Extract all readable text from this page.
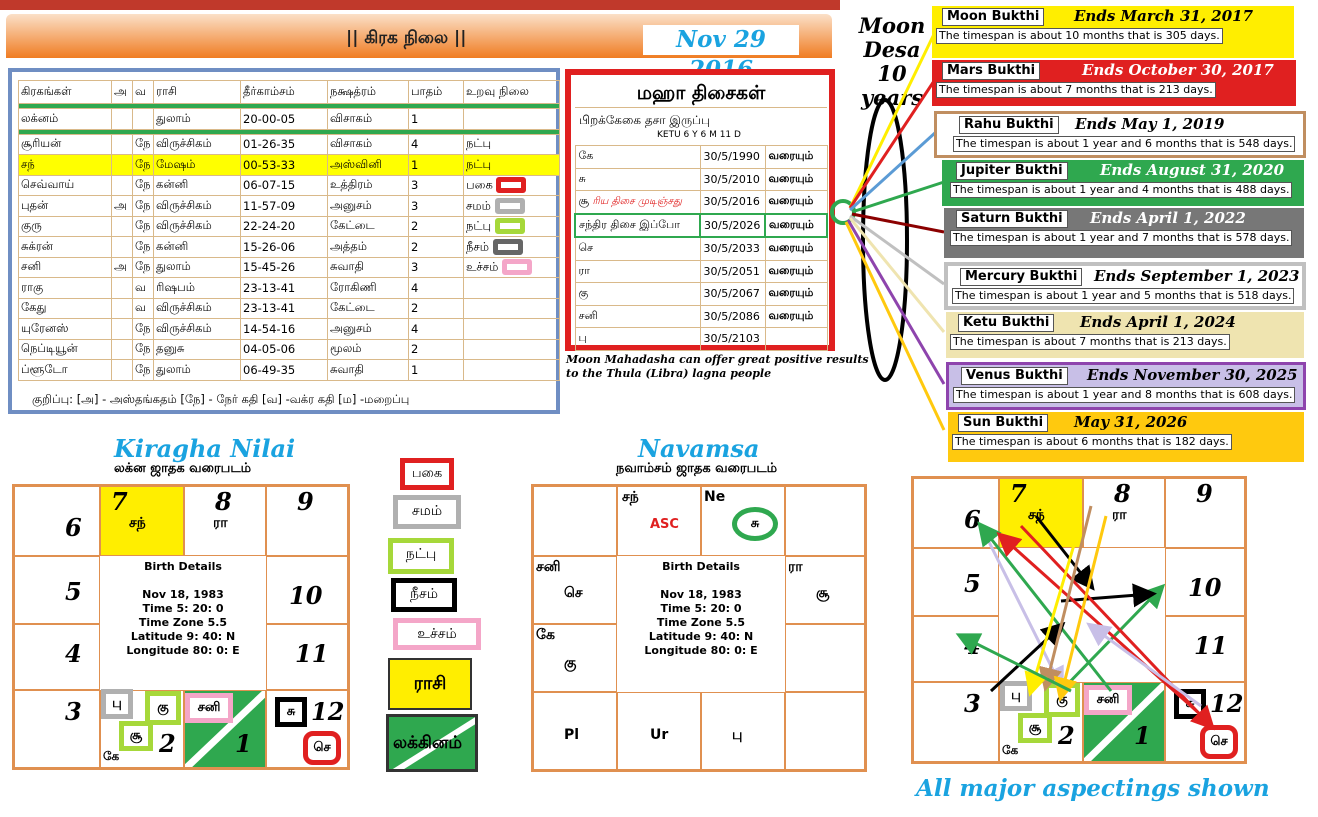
|| கிரக நிலை ||	Nov 29
கிரகங்கள்	அ	வ	ராசி	தீர்காம்சம்	நக்ஷத்ரம்	பாதம்	உறவு நிலை

லக்னம்			துலாம்	20-00-05	விசாகம்	1	

சூரியன்		நே	விருச்சிகம்	01-26-35	விசாகம்	4	நட்பு
சந்		நே	மேஷம்	00-53-33	அஸ்வினி	1	நட்பு
செவ்வாய்		நே	கன்னி	06-07-15	உத்திரம்	3	பகை

புதன்	அ	நே	விருச்சிகம்	11-57-09	அனுசம்	3	சமம்

குரு		நே	விருச்சிகம்	22-24-20	கேட்டை	2	நட்பு

சுக்ரன்		நே	கன்னி	15-26-06	அத்தம்	2	நீசம்

சனி	அ	நே	துலாம்	15-45-26	சுவாதி	3	உச்சம்

ராகு		வ	ரிஷபம்	23-13-41	ரோகிணி	4	
கேது		வ	விருச்சிகம்	23-13-41	கேட்டை	2	
யுரேனஸ்		நே	விருச்சிகம்	14-54-16	அனுசம்	4	
நெப்டியூன்		நே	தனுசு	04-05-06	மூலம்	2	
ப்ளூடோ		நே	துலாம்	06-49-35	சுவாதி	1	
குறிப்பு: [அ] - அஸ்தங்கதம் [நே] - நேர் கதி [வ] -வக்ர கதி [ம] -மறைப்பு
மஹா திசைகள்
பிறக்கேகை தசா இருப்பு
KETU 6 Y 6 M 11 D
கே	30/5/1990	வரையும்
சு	30/5/2010	வரையும்
சூ ரிய திசை முடிஞ்சது	30/5/2016	வரையும்
சந்திர திசை இப்போ	30/5/2026	வரையும்
செ	30/5/2033	வரையும்
ரா	30/5/2051	வரையும்
கு	30/5/2067	வரையும்
சனி	30/5/2086	வரையும்
பு	30/5/2103	
Moon Mahadasha can offer great positive results to the Thula (Libra) lagna people
Moon
Desa
10
years
Moon Bukthi	Ends March 31, 2017
The timespan is about 10 months that is 305 days.
Mars Bukthi	Ends October 30, 2017
The timespan is about 7 months that is 213 days.
Rahu Bukthi	Ends May 1, 2019
The timespan is about 1 year and 6 months that is 548 days.
Jupiter Bukthi	Ends August 31, 2020
The timespan is about 1 year and 4 months that is 488 days.
Saturn Bukthi	Ends April 1, 2022
The timespan is about 1 year and 7 months that is 578 days.
Mercury Bukthi	Ends September 1, 2023
The timespan is about 1 year and 5 months that is 518 days.
Ketu Bukthi	Ends April 1, 2024
The timespan is about 7 months that is 213 days.
Venus Bukthi	Ends November 30, 2025
The timespan is about 1 year and 8 months that is 608 days.
Sun Bukthi	May 31, 2026
The timespan is about 6 months that is 182 days.
Kiragha Nilai
லக்ன ஜாதக வரைபடம்
6
7
சந்
8
ரா
9
5	10
4	11
3	பு	கு
சூ 2
கே
சனி
1
சு 12
செ
Birth Details

Nov 18, 1983
Time 5: 20: 0
Time Zone 5.5
Latitude 9: 40: N
Longitude 80: 0: E
பகை
சமம்
நட்பு
நீசம்
உச்சம்
ராசி
லக்கினம்
Navamsa
நவாம்சம் ஜாதக வரைபடம்
சந்
ASC
Ne
சு
சனி
செ
ரா
சூ
கே
கு
Pl	Ur	பு
Birth Details

Nov 18, 1983
Time 5: 20: 0
Time Zone 5.5
Latitude 9: 40: N
Longitude 80: 0: E
6
7
சந்
8
ரா
9
5	10
4	11
3	பு	கு
சூ 2
கே
சனி
1
சு 12
செ
All major aspectings shown
